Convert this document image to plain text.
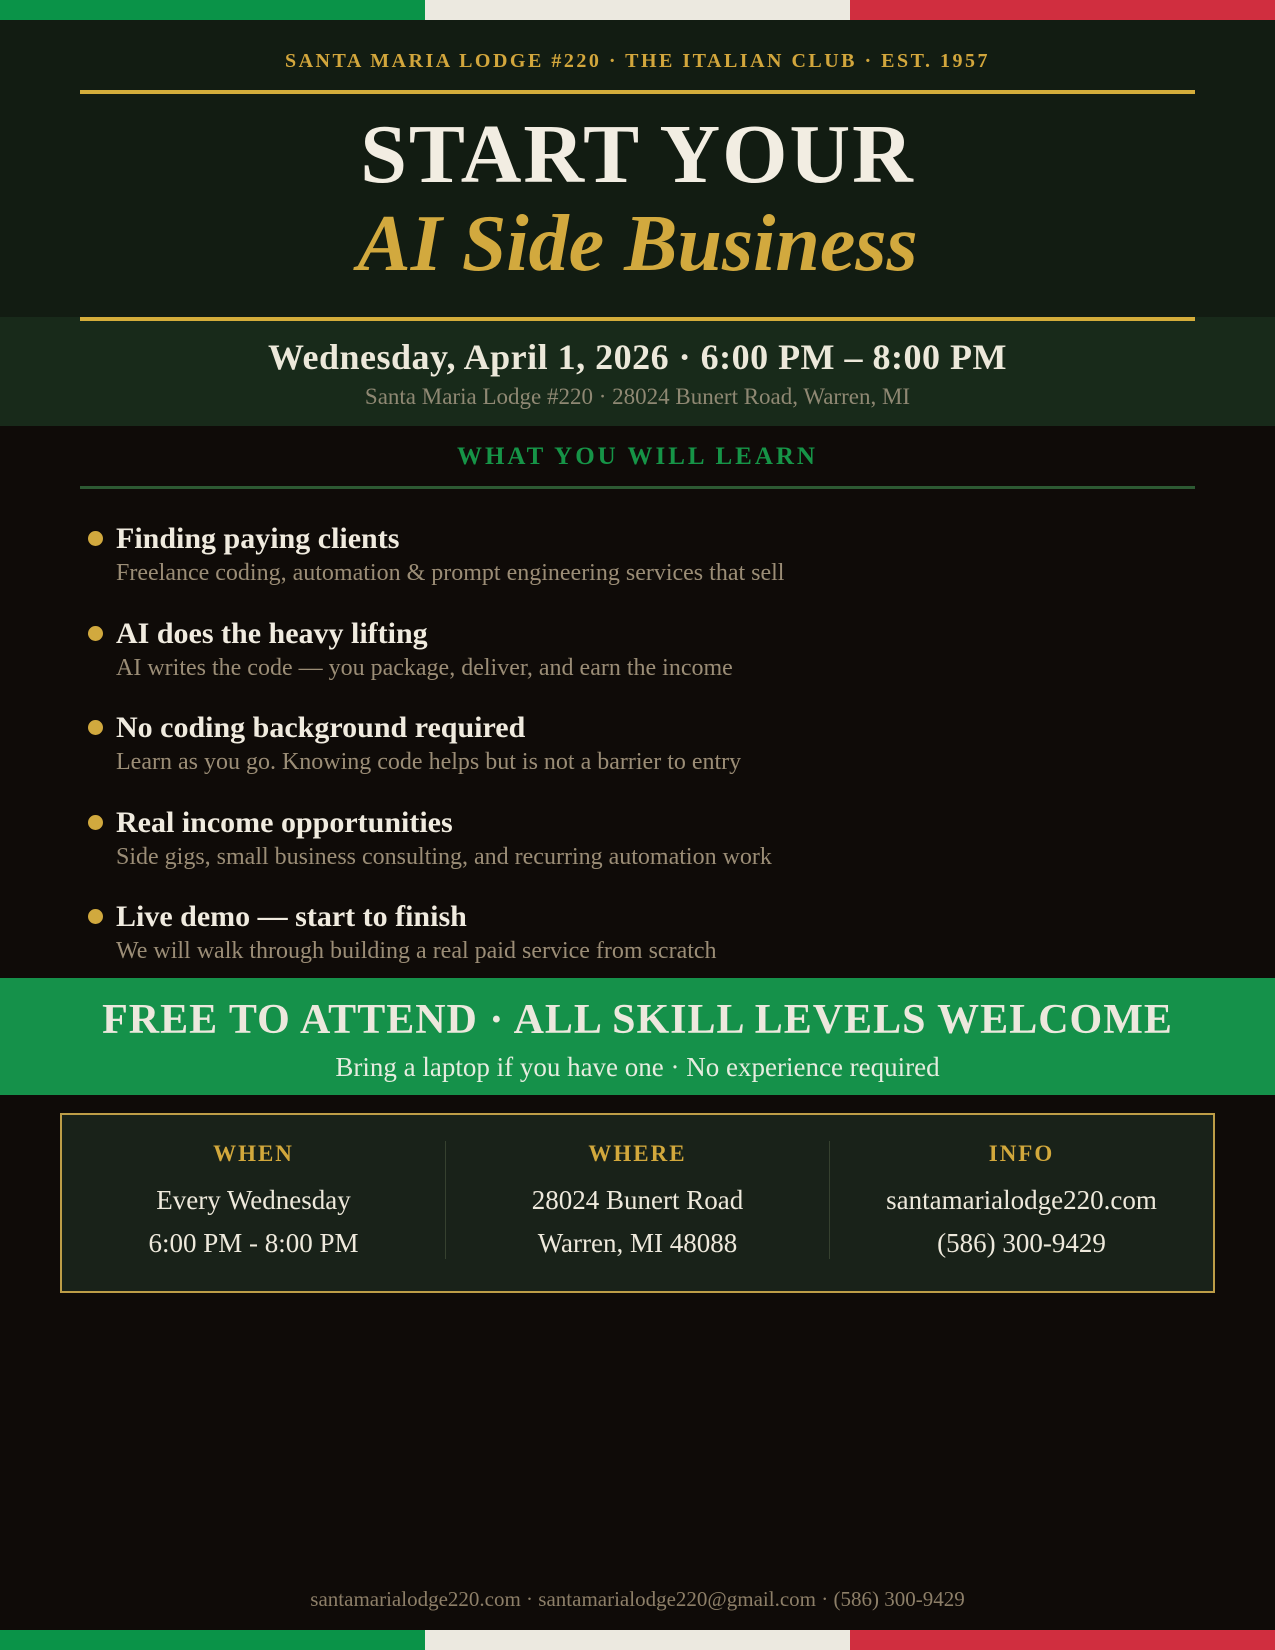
SANTA MARIA LODGE #220 · THE ITALIAN CLUB · EST. 1957
START YOUR
AI Side Business
Wednesday, April 1, 2026 · 6:00 PM – 8:00 PM
Santa Maria Lodge #220 · 28024 Bunert Road, Warren, MI
WHAT YOU WILL LEARN
Finding paying clients
Freelance coding, automation & prompt engineering services that sell
AI does the heavy lifting
AI writes the code — you package, deliver, and earn the income
No coding background required
Learn as you go. Knowing code helps but is not a barrier to entry
Real income opportunities
Side gigs, small business consulting, and recurring automation work
Live demo — start to finish
We will walk through building a real paid service from scratch
FREE TO ATTEND · ALL SKILL LEVELS WELCOME
Bring a laptop if you have one · No experience required
WHEN
Every Wednesday
6:00 PM - 8:00 PM
WHERE
28024 Bunert Road
Warren, MI 48088
INFO
santamarialodge220.com
(586) 300-9429
santamarialodge220.com · santamarialodge220@gmail.com · (586) 300-9429
